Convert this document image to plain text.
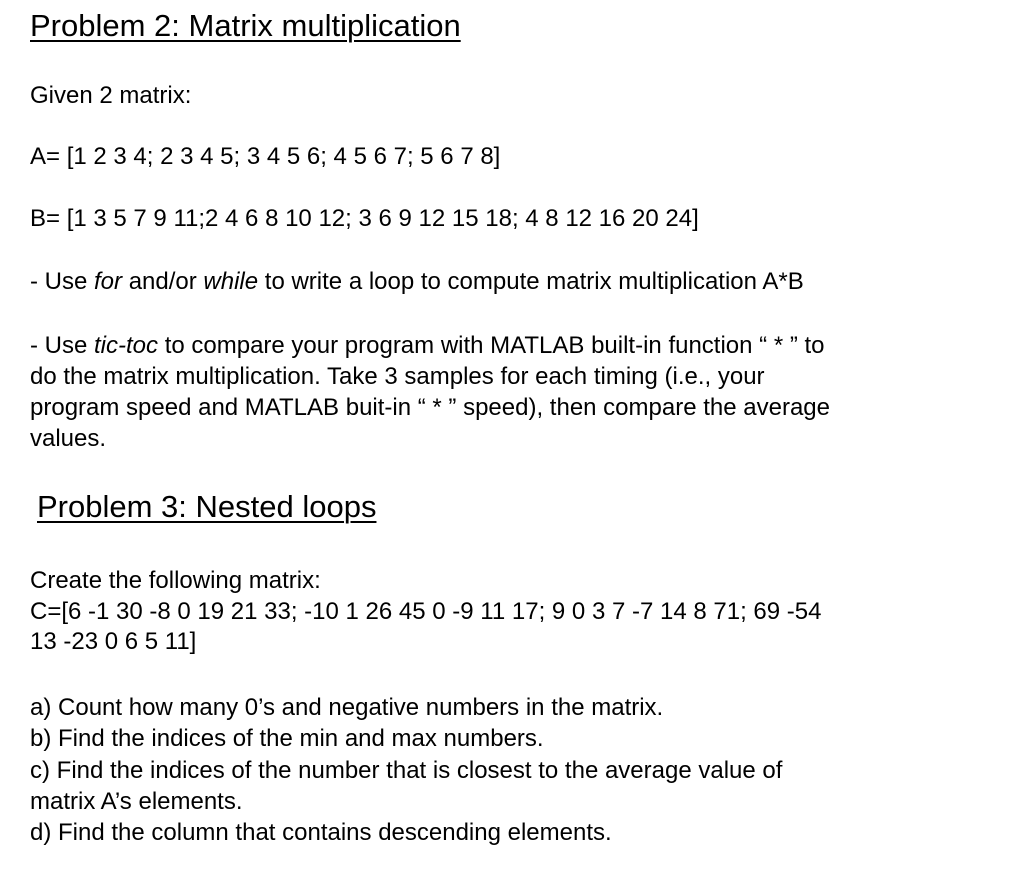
Problem 2: Matrix multiplication
Given 2 matrix:
A= [1 2 3 4; 2 3 4 5; 3 4 5 6; 4 5 6 7; 5 6 7 8]
B= [1 3 5 7 9 11;2 4 6 8 10 12; 3 6 9 12 15 18; 4 8 12 16 20 24]
- Use for and/or while to write a loop to compute matrix multiplication A*B
- Use tic-toc to compare your program with MATLAB built-in function “ * ” to
do the matrix multiplication. Take 3 samples for each timing (i.e., your
program speed and MATLAB buit-in “ * ” speed), then compare the average
values.
Problem 3: Nested loops
Create the following matrix:
C=[6 -1 30 -8 0 19 21 33; -10 1 26 45 0 -9 11 17; 9 0 3 7 -7 14 8 71; 69 -54
13 -23 0 6 5 11]
a) Count how many 0’s and negative numbers in the matrix.
b) Find the indices of the min and max numbers.
c) Find the indices of the number that is closest to the average value of
matrix A’s elements.
d) Find the column that contains descending elements.
